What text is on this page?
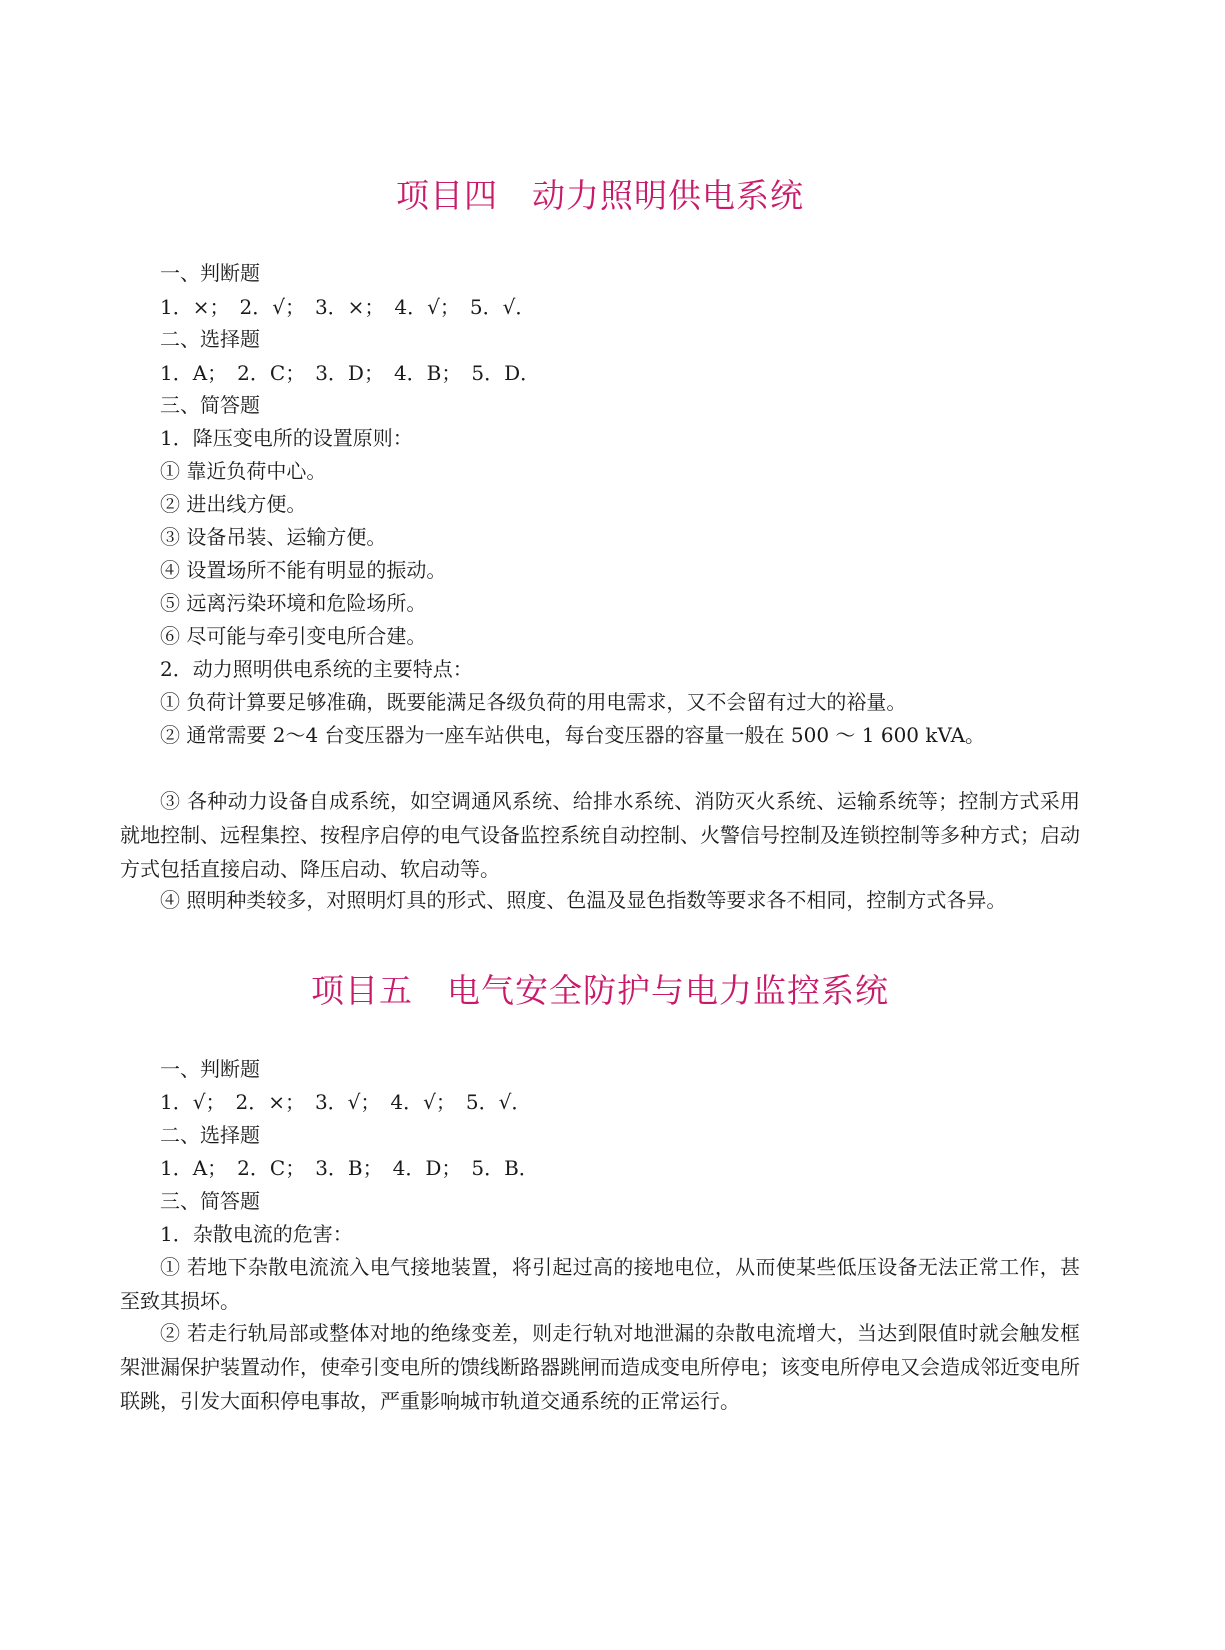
项目四　动力照明供电系统
一、判断题
1．×；　2．√；　3．×；　4．√；　5．√．
二、选择题
1．A；　2．C；　3．D；　4．B；　5．D．
三、简答题
1．降压变电所的设置原则：
① 靠近负荷中心。
② 进出线方便。
③ 设备吊装、运输方便。
④ 设置场所不能有明显的振动。
⑤ 远离污染环境和危险场所。
⑥ 尽可能与牵引变电所合建。
2．动力照明供电系统的主要特点：
① 负荷计算要足够准确，既要能满足各级负荷的用电需求，又不会留有过大的裕量。
② 通常需要 2～4 台变压器为一座车站供电，每台变压器的容量一般在 500 ～ 1 600 kVA。
③ 各种动力设备自成系统，如空调通风系统、给排水系统、消防灭火系统、运输系统等；控制方式采用就地控制、远程集控、按程序启停的电气设备监控系统自动控制、火警信号控制及连锁控制等多种方式；启动方式包括直接启动、降压启动、软启动等。
④ 照明种类较多，对照明灯具的形式、照度、色温及显色指数等要求各不相同，控制方式各异。
项目五　电气安全防护与电力监控系统
一、判断题
1．√；　2．×；　3．√；　4．√；　5．√．
二、选择题
1．A；　2．C；　3．B；　4．D；　5．B．
三、简答题
1．杂散电流的危害：
① 若地下杂散电流流入电气接地装置，将引起过高的接地电位，从而使某些低压设备无法正常工作，甚至致其损坏。
② 若走行轨局部或整体对地的绝缘变差，则走行轨对地泄漏的杂散电流增大，当达到限值时就会触发框架泄漏保护装置动作，使牵引变电所的馈线断路器跳闸而造成变电所停电；该变电所停电又会造成邻近变电所联跳，引发大面积停电事故，严重影响城市轨道交通系统的正常运行。
